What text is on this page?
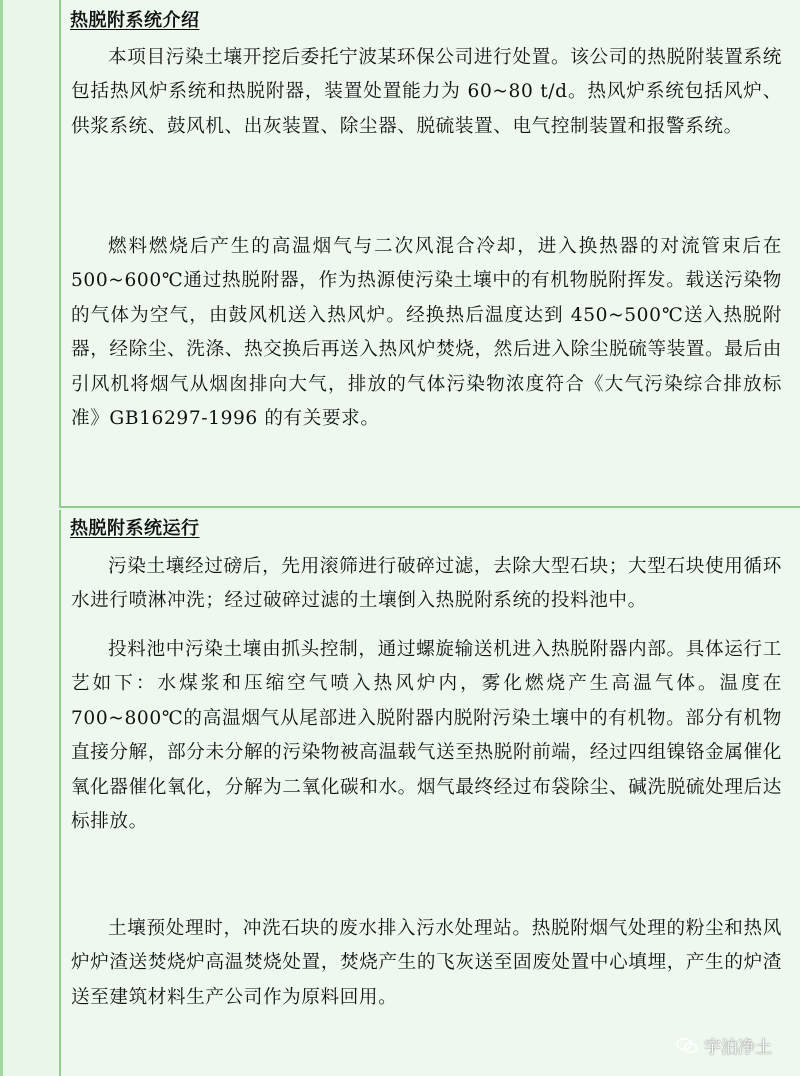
热脱附系统介绍
本项目污染土壤开挖后委托宁波某环保公司进行处置。该公司的热脱附装置系统包括热风炉系统和热脱附器，装置处置能力为 60~80 t/d。热风炉系统包括风炉、供浆系统、鼓风机、出灰装置、除尘器、脱硫装置、电气控制装置和报警系统。
燃料燃烧后产生的高温烟气与二次风混合冷却，进入换热器的对流管束后在 500~600℃通过热脱附器，作为热源使污染土壤中的有机物脱附挥发。载送污染物的气体为空气，由鼓风机送入热风炉。经换热后温度达到 450~500℃送入热脱附器，经除尘、洗涤、热交换后再送入热风炉焚烧，然后进入除尘脱硫等装置。最后由引风机将烟气从烟囱排向大气，排放的气体污染物浓度符合《大气污染综合排放标准》GB16297-1996 的有关要求。
热脱附系统运行
污染土壤经过磅后，先用滚筛进行破碎过滤，去除大型石块；大型石块使用循环水进行喷淋冲洗；经过破碎过滤的土壤倒入热脱附系统的投料池中。
投料池中污染土壤由抓头控制，通过螺旋输送机进入热脱附器内部。具体运行工艺如下：水煤浆和压缩空气喷入热风炉内，雾化燃烧产生高温气体。温度在 700~800℃的高温烟气从尾部进入脱附器内脱附污染土壤中的有机物。部分有机物直接分解，部分未分解的污染物被高温载气送至热脱附前端，经过四组镍铬金属催化氧化器催化氧化，分解为二氧化碳和水。烟气最终经过布袋除尘、碱洗脱硫处理后达标排放。
土壤预处理时，冲洗石块的废水排入污水处理站。热脱附烟气处理的粉尘和热风炉炉渣送焚烧炉高温焚烧处置，焚烧产生的飞灰送至固废处置中心填埋，产生的炉渣送至建筑材料生产公司作为原料回用。
宇泊净土
